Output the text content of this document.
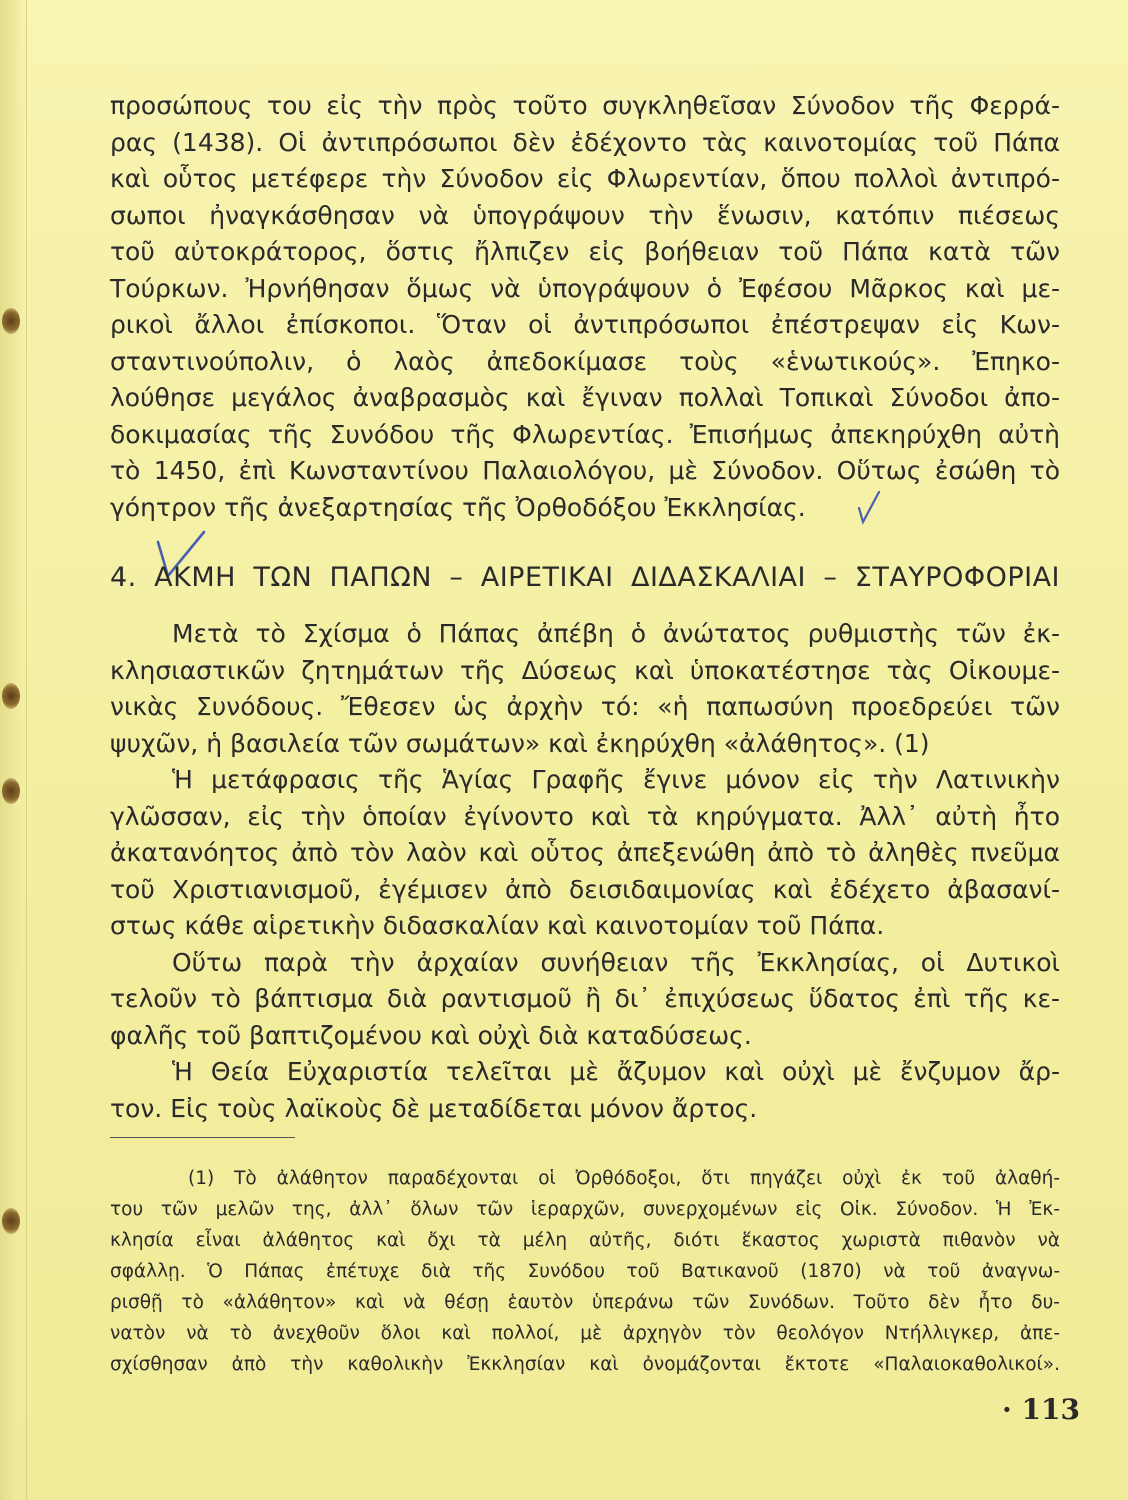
προσώπους του εἰς τὴν πρὸς τοῦτο συγκληθεῖσαν Σύνοδον τῆς Φερρά-
ρας (1438). Οἱ ἀντιπρόσωποι δὲν ἐδέχοντο τὰς καινοτομίας τοῦ Πάπα
καὶ οὗτος μετέφερε τὴν Σύνοδον εἰς Φλωρεντίαν, ὅπου πολλοὶ ἀντιπρό-
σωποι ἠναγκάσθησαν νὰ ὑπογράψουν τὴν ἕνωσιν, κατόπιν πιέσεως
τοῦ αὐτοκράτορος, ὅστις ἤλπιζεν εἰς βοήθειαν τοῦ Πάπα κατὰ τῶν
Τούρκων. Ἠρνήθησαν ὅμως νὰ ὑπογράψουν ὁ Ἐφέσου Μᾶρκος καὶ με-
ρικοὶ ἄλλοι ἐπίσκοποι. Ὅταν οἱ ἀντιπρόσωποι ἐπέστρεψαν εἰς Κων-
σταντινούπολιν, ὁ λαὸς ἀπεδοκίμασε τοὺς «ἑνωτικούς». Ἐπηκο-
λούθησε μεγάλος ἀναβρασμὸς καὶ ἔγιναν πολλαὶ Τοπικαὶ Σύνοδοι ἀπο-
δοκιμασίας τῆς Συνόδου τῆς Φλωρεντίας. Ἐπισήμως ἀπεκηρύχθη αὐτὴ
τὸ 1450, ἐπὶ Κωνσταντίνου Παλαιολόγου, μὲ Σύνοδον. Οὕτως ἐσώθη τὸ
γόητρον τῆς ἀνεξαρτησίας τῆς Ὀρθοδόξου Ἐκκλησίας.
4. ΑΚΜΗ ΤΩΝ ΠΑΠΩΝ – ΑΙΡΕΤΙΚΑΙ ΔΙΔΑΣΚΑΛΙΑΙ – ΣΤΑΥΡΟΦΟΡΙΑΙ
Μετὰ τὸ Σχίσμα ὁ Πάπας ἀπέβη ὁ ἀνώτατος ρυθμιστὴς τῶν ἐκ-
κλησιαστικῶν ζητημάτων τῆς Δύσεως καὶ ὑποκατέστησε τὰς Οἰκουμε-
νικὰς Συνόδους. Ἔθεσεν ὡς ἀρχὴν τό: «ἡ παπωσύνη προεδρεύει τῶν
ψυχῶν, ἡ βασιλεία τῶν σωμάτων» καὶ ἐκηρύχθη «ἀλάθητος». (1)
Ἡ μετάφρασις τῆς Ἁγίας Γραφῆς ἔγινε μόνον εἰς τὴν Λατινικὴν
γλῶσσαν, εἰς τὴν ὁποίαν ἐγίνοντο καὶ τὰ κηρύγματα. Ἀλλ᾽ αὐτὴ ἦτο
ἀκατανόητος ἀπὸ τὸν λαὸν καὶ οὗτος ἀπεξενώθη ἀπὸ τὸ ἀληθὲς πνεῦμα
τοῦ Χριστιανισμοῦ, ἐγέμισεν ἀπὸ δεισιδαιμονίας καὶ ἐδέχετο ἀβασανί-
στως κάθε αἱρετικὴν διδασκαλίαν καὶ καινοτομίαν τοῦ Πάπα.
Οὕτω παρὰ τὴν ἀρχαίαν συνήθειαν τῆς Ἐκκλησίας, οἱ Δυτικοὶ
τελοῦν τὸ βάπτισμα διὰ ραντισμοῦ ἢ δι᾽ ἐπιχύσεως ὕδατος ἐπὶ τῆς κε-
φαλῆς τοῦ βαπτιζομένου καὶ οὐχὶ διὰ καταδύσεως.
Ἡ Θεία Εὐχαριστία τελεῖται μὲ ἄζυμον καὶ οὐχὶ μὲ ἔνζυμον ἄρ-
τον. Εἰς τοὺς λαϊκοὺς δὲ μεταδίδεται μόνον ἄρτος.
(1) Τὸ ἀλάθητον παραδέχονται οἱ Ὀρθόδοξοι, ὅτι πηγάζει οὐχὶ ἐκ τοῦ ἀλαθή-
του τῶν μελῶν της, ἀλλ᾽ ὅλων τῶν ἱεραρχῶν, συνερχομένων εἰς Οἰκ. Σύνοδον. Ἡ Ἐκ-
κλησία εἶναι ἀλάθητος καὶ ὄχι τὰ μέλη αὐτῆς, διότι ἕκαστος χωριστὰ πιθανὸν νὰ
σφάλλῃ. Ὁ Πάπας ἐπέτυχε διὰ τῆς Συνόδου τοῦ Βατικανοῦ (1870) νὰ τοῦ ἀναγνω-
ρισθῇ τὸ «ἀλάθητον» καὶ νὰ θέσῃ ἑαυτὸν ὑπεράνω τῶν Συνόδων. Τοῦτο δὲν ἦτο δυ-
νατὸν νὰ τὸ ἀνεχθοῦν ὅλοι καὶ πολλοί, μὲ ἀρχηγὸν τὸν θεολόγον Ντήλλιγκερ, ἀπε-
σχίσθησαν ἀπὸ τὴν καθολικὴν Ἐκκλησίαν καὶ ὀνομάζονται ἔκτοτε «Παλαιοκαθολικοί».
· 113
